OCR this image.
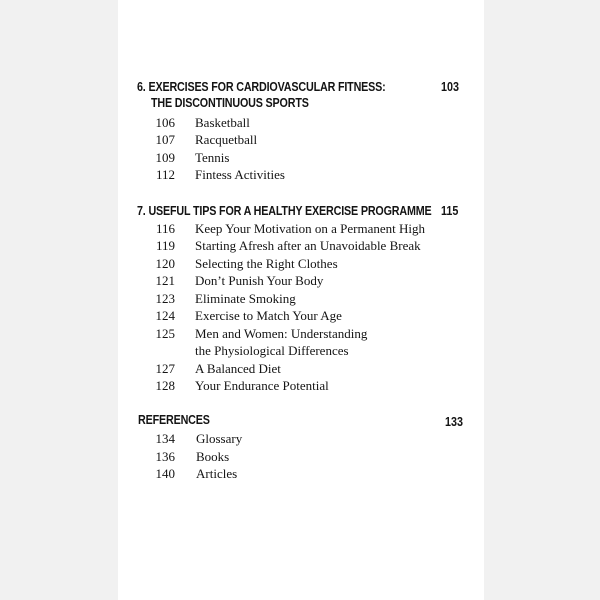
6. EXERCISES FOR CARDIOVASCULAR FITNESS:	103
THE DISCONTINUOUS SPORTS
106 Basketball
107 Racquetball
109 Tennis
112 Fintess Activities
7. USEFUL TIPS FOR A HEALTHY EXERCISE PROGRAMME 115
116 Keep Your Motivation on a Permanent High
119 Starting Afresh after an Unavoidable Break
120 Selecting the Right Clothes
121 Don’t Punish Your Body
123 Eliminate Smoking
124 Exercise to Match Your Age
125 Men and Women: Understanding
the Physiological Differences
127 A Balanced Diet
128 Your Endurance Potential
REFERENCES	133
134 Glossary
136 Books
140 Articles
